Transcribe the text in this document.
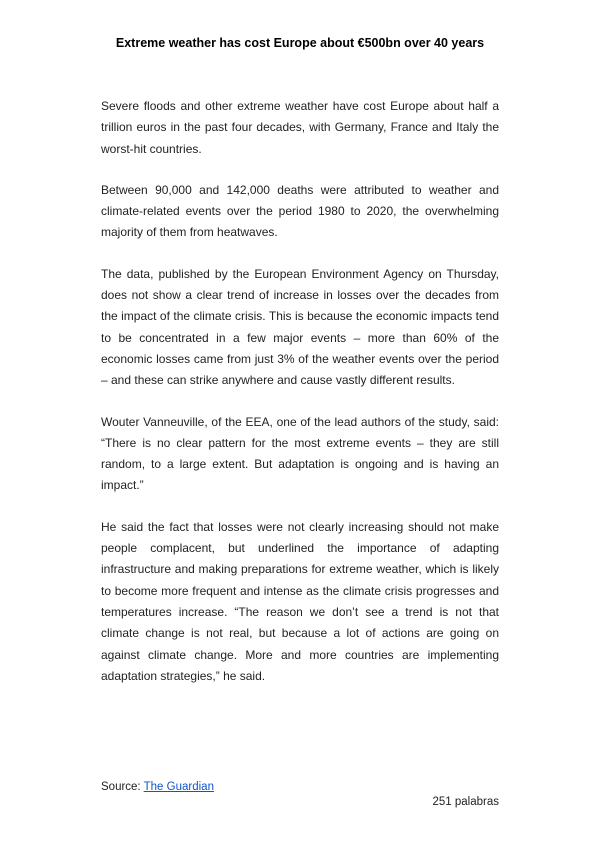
Extreme weather has cost Europe about €500bn over 40 years

Severe floods and other extreme weather have cost Europe about half a trillion euros in the past four decades, with Germany, France and Italy the worst-hit countries.

Between 90,000 and 142,000 deaths were attributed to weather and climate-related events over the period 1980 to 2020, the overwhelming majority of them from heatwaves.

The data, published by the European Environment Agency on Thursday, does not show a clear trend of increase in losses over the decades from the impact of the climate crisis. This is because the economic impacts tend to be concentrated in a few major events – more than 60% of the economic losses came from just 3% of the weather events over the period – and these can strike anywhere and cause vastly different results.

Wouter Vanneuville, of the EEA, one of the lead authors of the study, said: “There is no clear pattern for the most extreme events – they are still random, to a large extent. But adaptation is ongoing and is having an impact.”

He said the fact that losses were not clearly increasing should not make people complacent, but underlined the importance of adapting infrastructure and making preparations for extreme weather, which is likely to become more frequent and intense as the climate crisis progresses and temperatures increase. “The reason we don’t see a trend is not that climate change is not real, but because a lot of actions are going on against climate change. More and more countries are implementing adaptation strategies,” he said.

Source: The Guardian
251 palabras
